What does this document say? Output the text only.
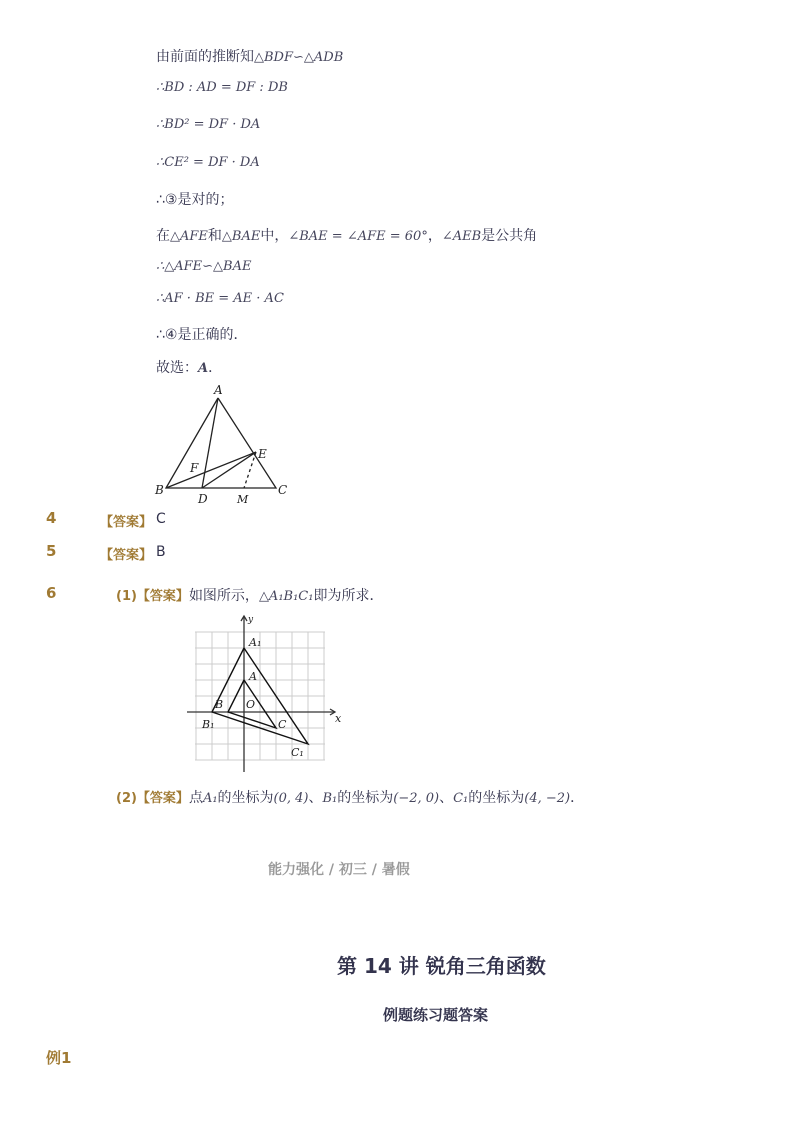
由前面的推断知△BDF∽△ADB
∴BD : AD = DF : DB
∴BD² = DF · DA
∴CE² = DF · DA
∴③是对的；
在△AFE和△BAE中，∠BAE = ∠AFE = 60°，∠AEB是公共角
∴△AFE∽△BAE
∴AF · BE = AE · AC
∴④是正确的．
故选：A．
A
B	C
D
E
F
M
4	【答案】 C
5	【答案】 B
6	(1)【答案】如图所示，△A₁B₁C₁即为所求．
x
y
O
A₁
A
B
B₁	C
C₁
(2)【答案】点A₁的坐标为(0, 4)、B₁的坐标为(−2, 0)、C₁的坐标为(4, −2)．
能力强化 / 初三 / 暑假
第 14 讲 锐角三角函数
例题练习题答案
例1
